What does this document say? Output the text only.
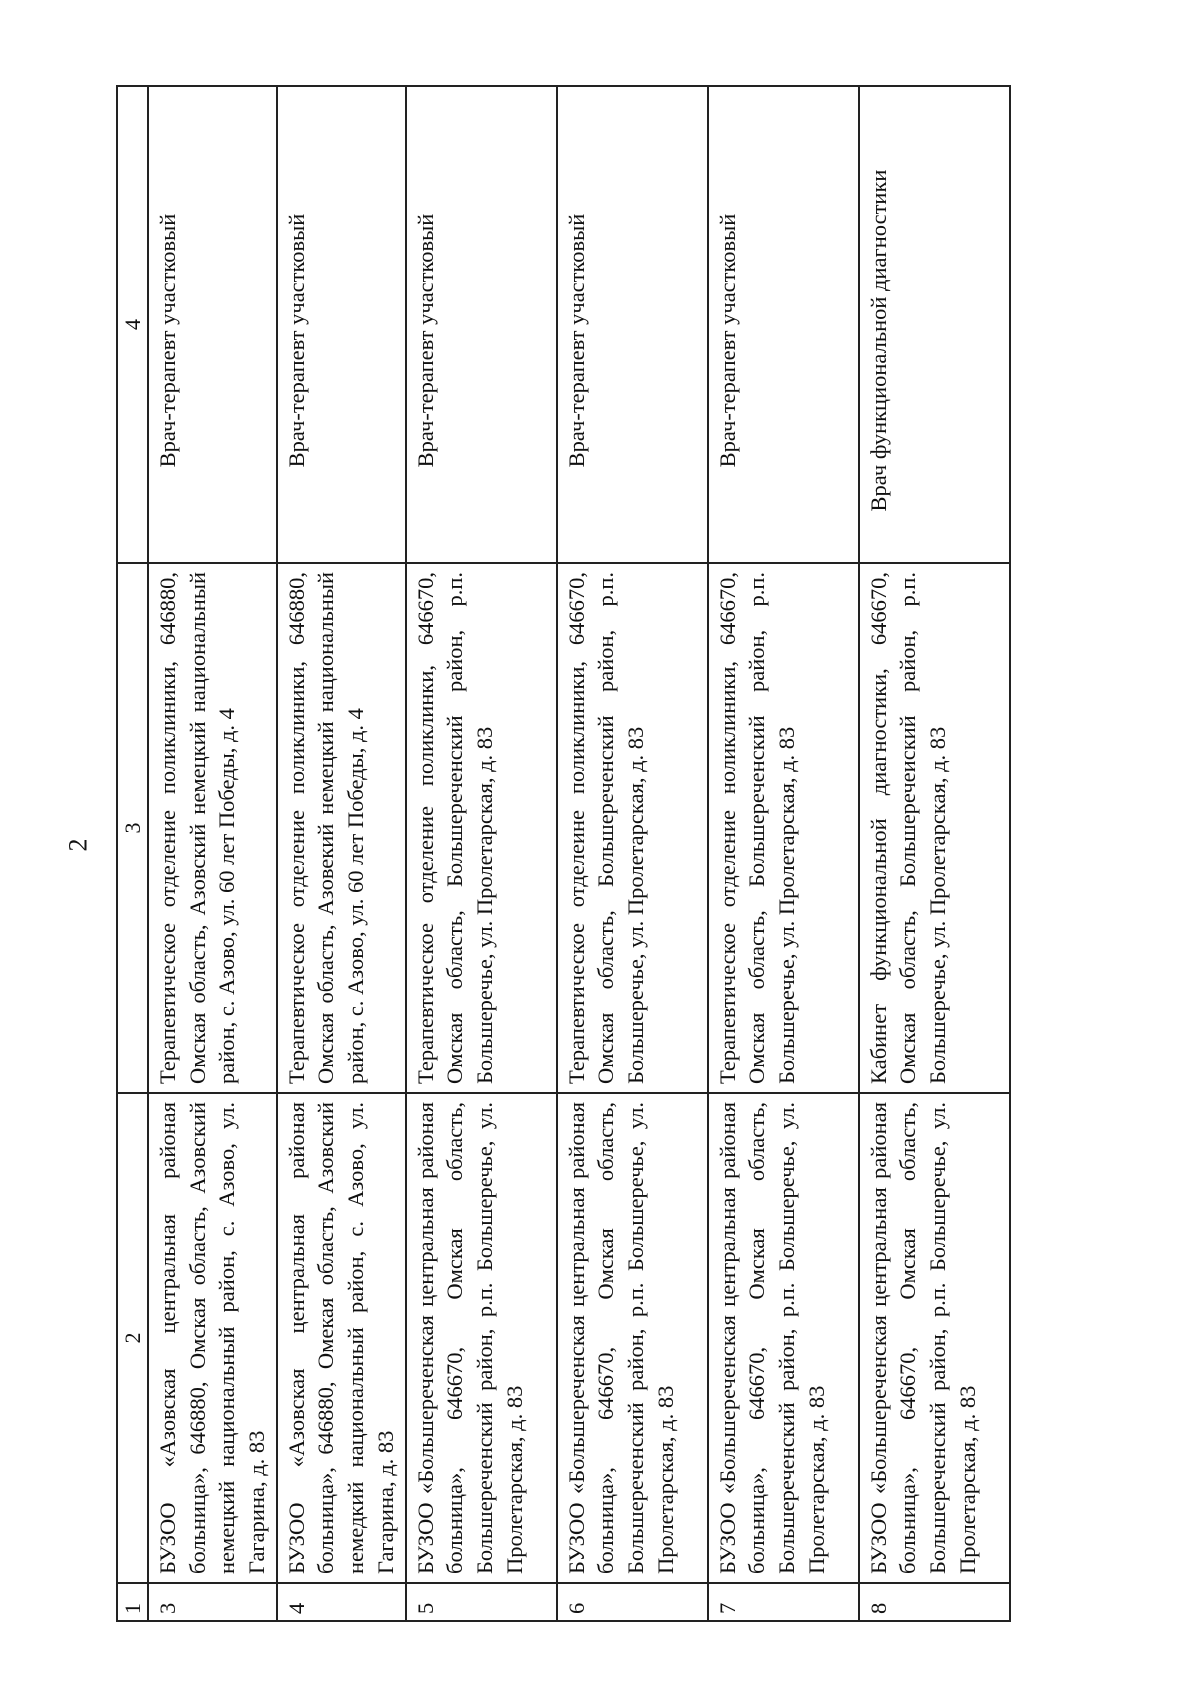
2
1	2	3	4
3	БУЗОО «Азовская центральная районая больница», 646880, Омская область, Азовский немецкий национальный район, с. Азово, ул. Гагарина, д. 83	Терапевтическое отделение поликлиники, 646880, Омская область, Азовский немецкий национальный район, с. Азово, ул. 60 лет Победы, д. 4	Врач-терапевт участковый
4	БУЗОО «Азовская центральная районая больница», 646880, Омекая область, Азовский немедкий национальный район, с. Азово, ул. Гагарина, д. 83	Терапевтическое отделение поликлиники, 646880, Омская область, Азовекий немецкий национальный район, с. Азово, ул. 60 лет Победы, д. 4	Врач-терапевт участковый
5	БУЗОО «Большереченская центральная районая больница», 646670, Омская область, Большереченский район, р.п. Большеречье, ул. Пролетарская, д. 83	Терапевтическое отделение поликлинки, 646670, Омская область, Большереченский район, р.п. Большеречье, ул. Пролетарская, д. 83	Врач-терапевт участковый
6	БУЗОО «Большереченская центральная районая больница», 646670, Омская область, Большереченский район, р.п. Большеречье, ул. Пролетарская, д. 83	Терапевтическое отделеине поликлиники, 646670, Омская область, Большереченский район, р.п. Большеречье, ул. Пролетарская, д. 83	Врач-терапевт участковый
7	БУЗОО «Большереченская центральная районая больница», 646670, Омская область, Большереченский район, р.п. Большеречье, ул. Пролетарская, д. 83	Терапевтическое отделение ноликлиники, 646670, Омская область, Большереченский район, р.п. Большеречье, ул. Пролетарская, д. 83	Врач-терапевт участковый
8	БУЗОО «Большереченская центральная районая больница», 646670, Омская область, Большереченский район, р.п. Большеречье, ул. Пролетарская, д. 83	Кабинет функциональной диагностики, 646670, Омская область, Большеречеиский район, р.п. Большеречье, ул. Пролетарская, д. 83	Врач функциональной диагностики
